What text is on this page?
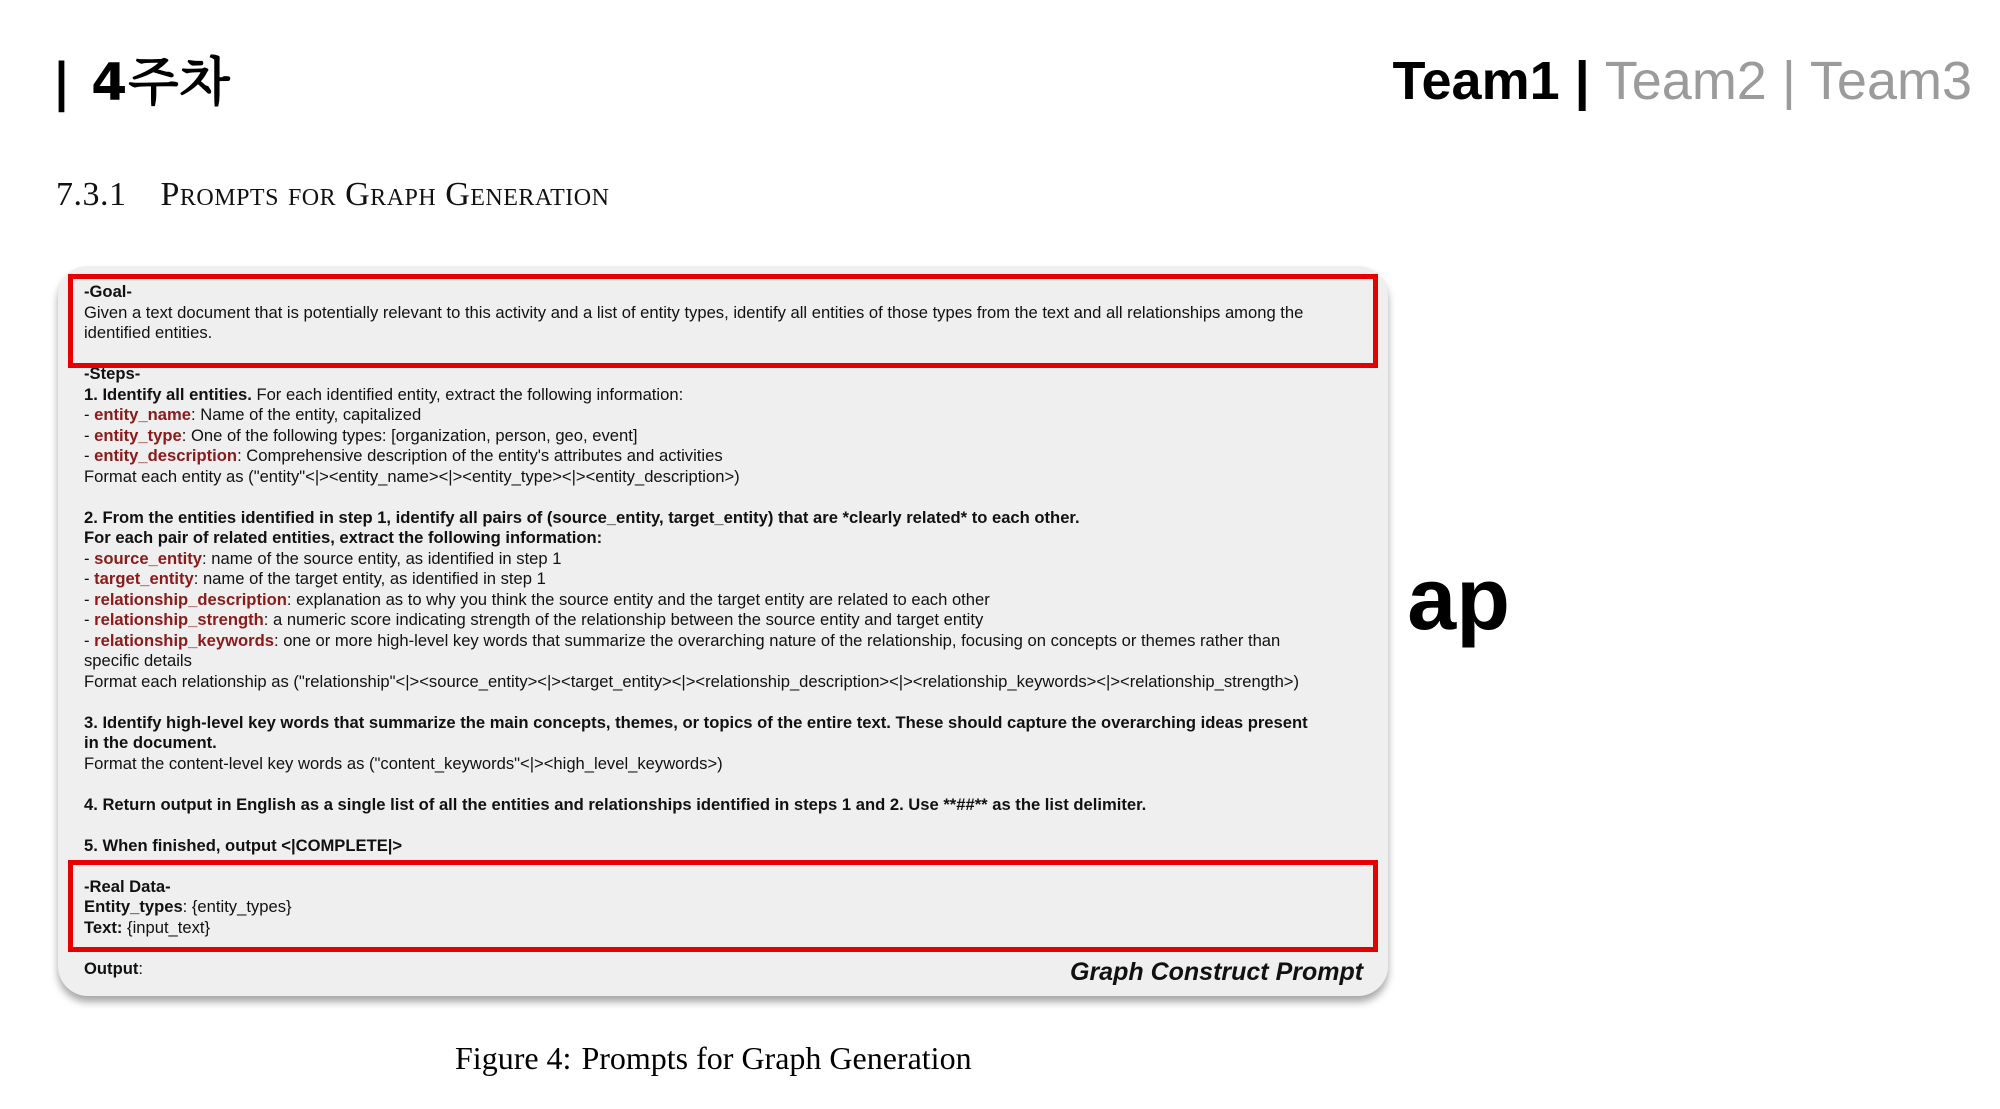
| 4주차	Team1 | Team2 | Team3
7.3.1 Prompts for Graph Generation
ap
-Goal-
Given a text document that is potentially relevant to this activity and a list of entity types, identify all entities of those types from the text and all relationships among the
identified entities.
-Steps-
1. Identify all entities. For each identified entity, extract the following information:
- entity_name: Name of the entity, capitalized
- entity_type: One of the following types: [organization, person, geo, event]
- entity_description: Comprehensive description of the entity's attributes and activities
Format each entity as ("entity"<|><entity_name><|><entity_type><|><entity_description>)
2. From the entities identified in step 1, identify all pairs of (source_entity, target_entity) that are *clearly related* to each other.
For each pair of related entities, extract the following information:
- source_entity: name of the source entity, as identified in step 1
- target_entity: name of the target entity, as identified in step 1
- relationship_description: explanation as to why you think the source entity and the target entity are related to each other
- relationship_strength: a numeric score indicating strength of the relationship between the source entity and target entity
- relationship_keywords: one or more high-level key words that summarize the overarching nature of the relationship, focusing on concepts or themes rather than
specific details
Format each relationship as ("relationship"<|><source_entity><|><target_entity><|><relationship_description><|><relationship_keywords><|><relationship_strength>)
3. Identify high-level key words that summarize the main concepts, themes, or topics of the entire text. These should capture the overarching ideas present
in the document.
Format the content-level key words as ("content_keywords"<|><high_level_keywords>)
4. Return output in English as a single list of all the entities and relationships identified in steps 1 and 2. Use **##** as the list delimiter.
5. When finished, output <|COMPLETE|>
-Real Data-
Entity_types: {entity_types}
Text: {input_text}
Output:	Graph Construct Prompt
Figure 4: Prompts for Graph Generation
